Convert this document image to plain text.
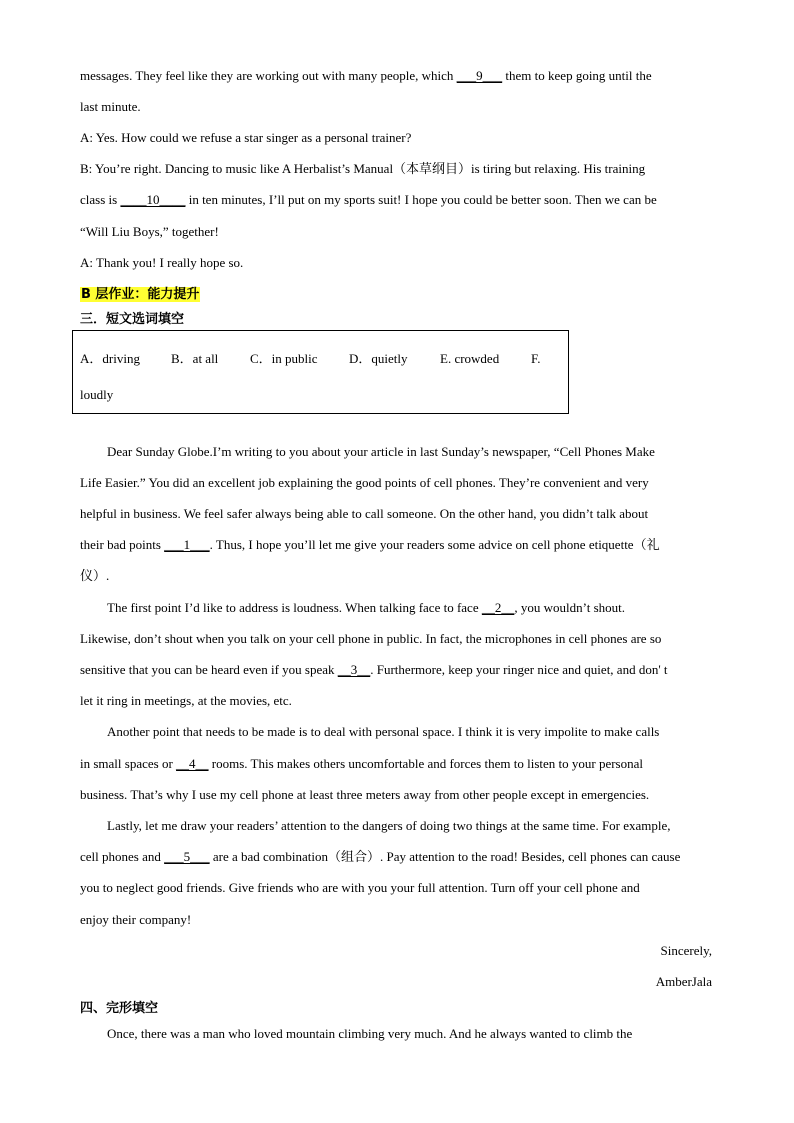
messages. They feel like they are working out with many people, which ___9___ them to keep going until the
last minute.
A: Yes. How could we refuse a star singer as a personal trainer?
B: You’re right. Dancing to music like A Herbalist’s Manual（本草纲目）is tiring but relaxing. His training
class is ____10____ in ten minutes, I’ll put on my sports suit! I hope you could be better soon. Then we can be
“Will Liu Boys,” together!
A: Thank you! I really hope so.
B 层作业：能力提升
三．短文选词填空
A．driving B．at all C．in public D．quietly	E. crowded F.
loudly
Dear Sunday Globe.I’m writing to you about your article in last Sunday’s newspaper, “Cell Phones Make
Life Easier.” You did an excellent job explaining the good points of cell phones. They’re convenient and very
helpful in business. We feel safer always being able to call someone. On the other hand, you didn’t talk about
their bad points ___1___. Thus, I hope you’ll let me give your readers some advice on cell phone etiquette（礼
仪）.
The first point I’d like to address is loudness. When talking face to face __2__, you wouldn’t shout.
Likewise, don’t shout when you talk on your cell phone in public. In fact, the microphones in cell phones are so
sensitive that you can be heard even if you speak __3__. Furthermore, keep your ringer nice and quiet, and don' t
let it ring in meetings, at the movies, etc.
Another point that needs to be made is to deal with personal space. I think it is very impolite to make calls
in small spaces or __4__ rooms. This makes others uncomfortable and forces them to listen to your personal
business. That’s why I use my cell phone at least three meters away from other people except in emergencies.
Lastly, let me draw your readers’ attention to the dangers of doing two things at the same time. For example,
cell phones and ___5___ are a bad combination（组合）. Pay attention to the road! Besides, cell phones can cause
you to neglect good friends. Give friends who are with you your full attention. Turn off your cell phone and
enjoy their company!
Sincerely,
AmberJala
四、完形填空
Once, there was a man who loved mountain climbing very much. And he always wanted to climb the
